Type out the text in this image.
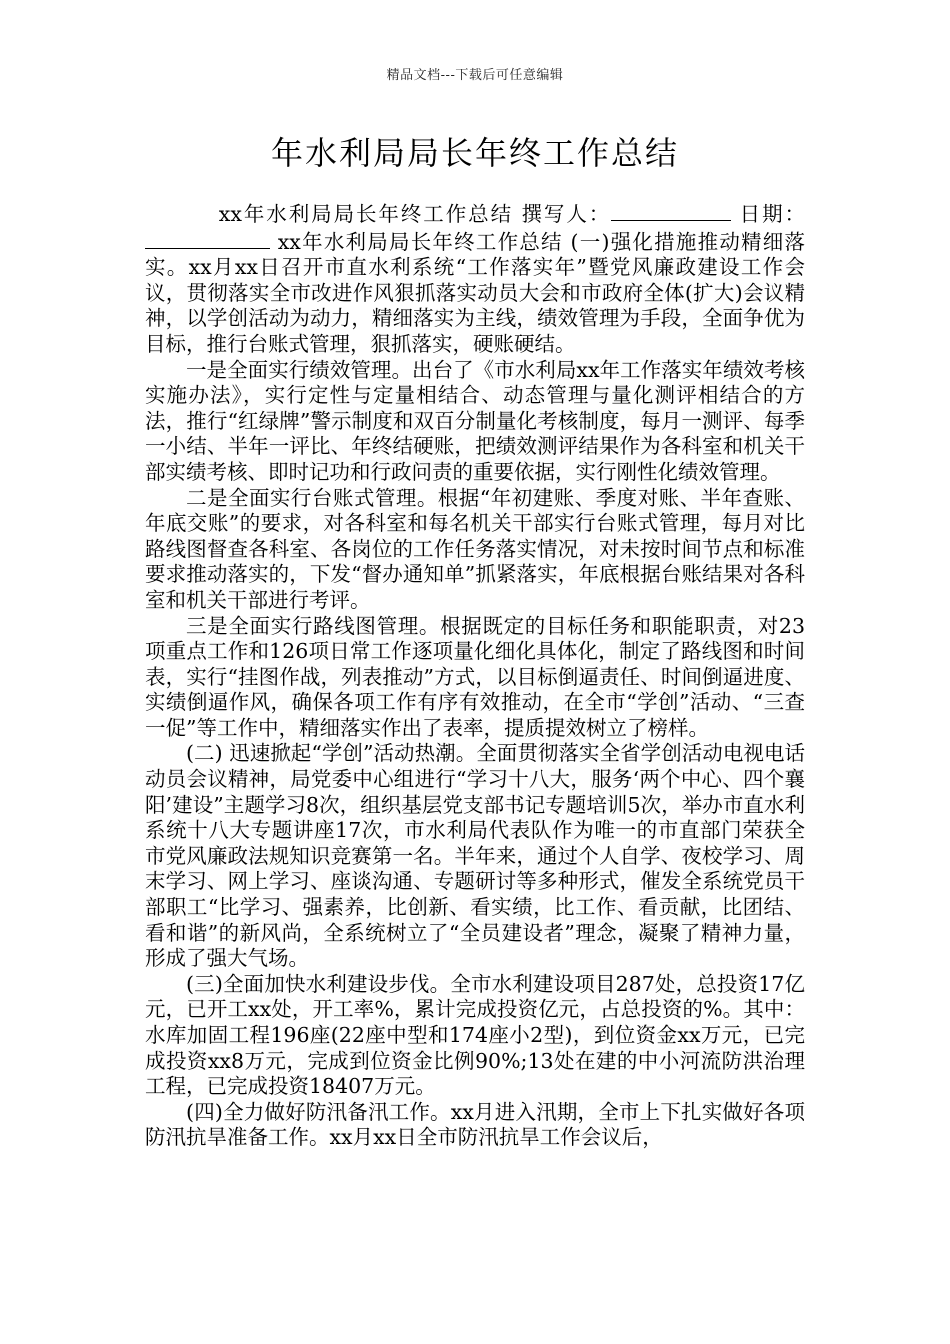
精品文档---下载后可任意编辑
年水利局局长年终工作总结

xx年水利局局长年终工作总结 撰写人：	日期： xx年水利局局长年终工作总结 (一)强化措施推动精细落实。xx月xx日召开市直水利系统“工作落实年”暨党风廉政建设工作会议，贯彻落实全市改进作风狠抓落实动员大会和市政府全体(扩大)会议精神，以学创活动为动力，精细落实为主线，绩效管理为手段，全面争优为目标，推行台账式管理，狠抓落实，硬账硬结。

一是全面实行绩效管理。出台了《市水利局xx年工作落实年绩效考核实施办法》，实行定性与定量相结合、动态管理与量化测评相结合的方法，推行“红绿牌”警示制度和双百分制量化考核制度，每月一测评、每季一小结、半年一评比、年终结硬账，把绩效测评结果作为各科室和机关干部实绩考核、即时记功和行政问责的重要依据，实行刚性化绩效管理。

二是全面实行台账式管理。根据“年初建账、季度对账、半年查账、年底交账”的要求，对各科室和每名机关干部实行台账式管理，每月对比路线图督查各科室、各岗位的工作任务落实情况，对未按时间节点和标准要求推动落实的，下发“督办通知单”抓紧落实，年底根据台账结果对各科室和机关干部进行考评。

三是全面实行路线图管理。根据既定的目标任务和职能职责，对23项重点工作和126项日常工作逐项量化细化具体化，制定了路线图和时间表，实行“挂图作战，列表推动”方式，以目标倒逼责任、时间倒逼进度、实绩倒逼作风，确保各项工作有序有效推动，在全市“学创”活动、“三查一促”等工作中，精细落实作出了表率，提质提效树立了榜样。

(二) 迅速掀起“学创”活动热潮。全面贯彻落实全省学创活动电视电话动员会议精神，局党委中心组进行“学习十八大，服务‘两个中心、四个襄阳’建设”主题学习8次，组织基层党支部书记专题培训5次，举办市直水利系统十八大专题讲座17次，市水利局代表队作为唯一的市直部门荣获全市党风廉政法规知识竞赛第一名。半年来，通过个人自学、夜校学习、周末学习、网上学习、座谈沟通、专题研讨等多种形式，催发全系统党员干部职工“比学习、强素养，比创新、看实绩，比工作、看贡献，比团结、看和谐”的新风尚，全系统树立了“全员建设者”理念，凝聚了精神力量，形成了强大气场。

(三)全面加快水利建设步伐。全市水利建设项目287处，总投资17亿元，已开工xx处，开工率%，累计完成投资亿元，占总投资的%。其中：水库加固工程196座(22座中型和174座小2型)，到位资金xx万元，已完成投资xx8万元，完成到位资金比例90%;13处在建的中小河流防洪治理工程，已完成投资18407万元。

(四)全力做好防汛备汛工作。xx月进入汛期，全市上下扎实做好各项防汛抗旱准备工作。xx月xx日全市防汛抗旱工作会议后，
